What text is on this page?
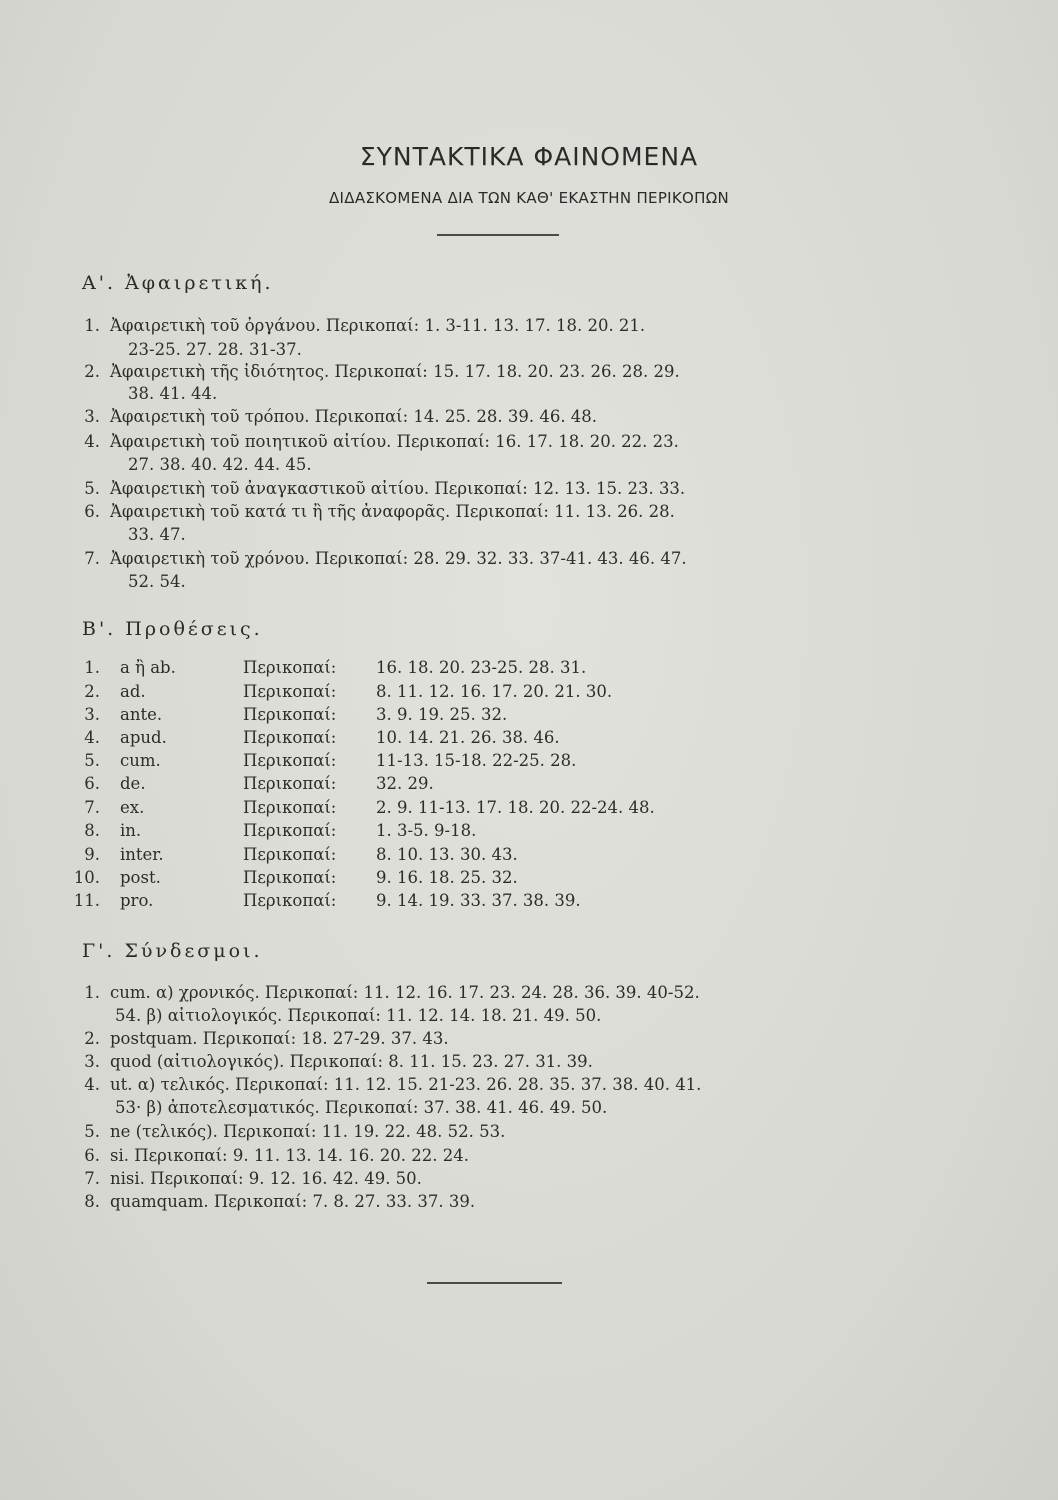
ΣΥΝΤΑΚΤΙΚΑ ΦΑΙΝΟΜΕΝΑ
ΔΙΔΑΣΚΟΜΕΝΑ ΔΙΑ ΤΩΝ ΚΑΘ' ΕΚΑΣΤΗΝ ΠΕΡΙΚΟΠΩΝ
Α'. Ἀφαιρετική.
1. Ἀφαιρετικὴ τοῦ ὀργάνου. Περικοπαί: 1. 3-11. 13. 17. 18. 20. 21.
23-25. 27. 28. 31-37.
2. Ἀφαιρετικὴ τῆς ἰδιότητος. Περικοπαί: 15. 17. 18. 20. 23. 26. 28. 29.
38. 41. 44.
3. Ἀφαιρετικὴ τοῦ τρόπου. Περικοπαί: 14. 25. 28. 39. 46. 48.
4. Ἀφαιρετικὴ τοῦ ποιητικοῦ αἰτίου. Περικοπαί: 16. 17. 18. 20. 22. 23.
27. 38. 40. 42. 44. 45.
5. Ἀφαιρετικὴ τοῦ ἀναγκαστικοῦ αἰτίου. Περικοπαί: 12. 13. 15. 23. 33.
6. Ἀφαιρετικὴ τοῦ κατά τι ἢ τῆς ἀναφορᾶς. Περικοπαί: 11. 13. 26. 28.
33. 47.
7. Ἀφαιρετικὴ τοῦ χρόνου. Περικοπαί: 28. 29. 32. 33. 37-41. 43. 46. 47.
52. 54.
Β'. Προθέσεις.
1. a ἢ ab.	Περικοπαί: 16. 18. 20. 23-25. 28. 31.
2. ad.	Περικοπαί: 8. 11. 12. 16. 17. 20. 21. 30.
3. ante.	Περικοπαί: 3. 9. 19. 25. 32.
4. apud.	Περικοπαί: 10. 14. 21. 26. 38. 46.
5. cum.	Περικοπαί: 11-13. 15-18. 22-25. 28.
6. de.	Περικοπαί: 32. 29.
7. ex.	Περικοπαί: 2. 9. 11-13. 17. 18. 20. 22-24. 48.
8. in.	Περικοπαί: 1. 3-5. 9-18.
9. inter.	Περικοπαί: 8. 10. 13. 30. 43.
10. post.	Περικοπαί: 9. 16. 18. 25. 32.
11. pro.	Περικοπαί: 9. 14. 19. 33. 37. 38. 39.
Γ'. Σύνδεσμοι.
1. cum. α) χρονικός. Περικοπαί: 11. 12. 16. 17. 23. 24. 28. 36. 39. 40-52.
54. β) αἰτιολογικός. Περικοπαί: 11. 12. 14. 18. 21. 49. 50.
2. postquam. Περικοπαί: 18. 27-29. 37. 43.
3. quod (αἰτιολογικός). Περικοπαί: 8. 11. 15. 23. 27. 31. 39.
4. ut. α) τελικός. Περικοπαί: 11. 12. 15. 21-23. 26. 28. 35. 37. 38. 40. 41.
53· β) ἀποτελεσματικός. Περικοπαί: 37. 38. 41. 46. 49. 50.
5. ne (τελικός). Περικοπαί: 11. 19. 22. 48. 52. 53.
6. si. Περικοπαί: 9. 11. 13. 14. 16. 20. 22. 24.
7. nisi. Περικοπαί: 9. 12. 16. 42. 49. 50.
8. quamquam. Περικοπαί: 7. 8. 27. 33. 37. 39.
